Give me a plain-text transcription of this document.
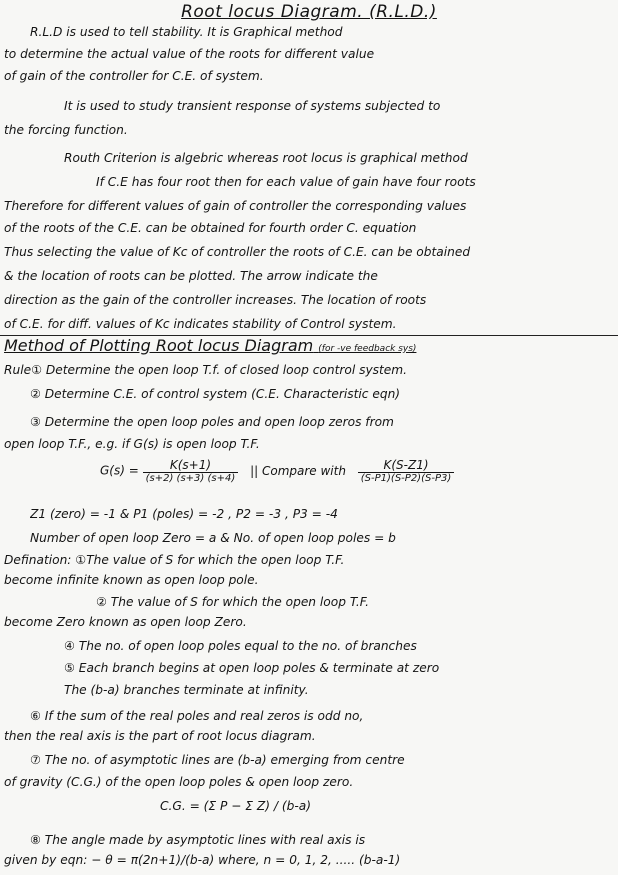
Root locus Diagram. (R.L.D.)
R.L.D is used to tell stability. It is Graphical method
to determine the actual value of the roots for different value
of gain of the controller for C.E. of system.
It is used to study transient response of systems subjected to
the forcing function.
Routh Criterion is algebric whereas root locus is graphical method
If C.E has four root then for each value of gain have four roots
Therefore for different values of gain of controller the corresponding values
of the roots of the C.E. can be obtained for fourth order C. equation
Thus selecting the value of Kc of controller the roots of C.E. can be obtained
& the location of roots can be plotted. The arrow indicate the
direction as the gain of the controller increases. The location of roots
of C.E. for diff. values of Kc indicates stability of Control system.
Method of Plotting Root locus Diagram (for -ve feedback sys)
Rule① Determine the open loop T.f. of closed loop control system.
② Determine C.E. of control system (C.E. Characteristic eqn)
③ Determine the open loop poles and open loop zeros from
open loop T.F., e.g. if G(s) is open loop T.F.
$G(s) = \frac{K(s+1)}{(s+2) (s+3) (s+4)}$ || Compare with $\frac{K(S-Z1)}{(S-P1)(S-P2)(S-P3)}$
Z1 (zero) = -1 & P1 (poles) = -2 , P2 = -3 , P3 = -4
Number of open loop Zero = a & No. of open loop poles = b
Defination: ①The value of S for which the open loop T.F.
become infinite known as open loop pole.
② The value of S for which the open loop T.F.
become Zero known as open loop Zero.
④ The no. of open loop poles equal to the no. of branches
⑤ Each branch begins at open loop poles & terminate at zero
The (b-a) branches terminate at infinity.
⑥ If the sum of the real poles and real zeros is odd no,
then the real axis is the part of root locus diagram.
⑦ The no. of asymptotic lines are (b-a) emerging from centre
of gravity (C.G.) of the open loop poles & open loop zero.
C.G. = (Σ P − Σ Z) / (b-a)
⑧ The angle made by asymptotic lines with real axis is
given by eqn: − θ = π(2n+1)/(b-a) where, n = 0, 1, 2, ..... (b-a-1)
